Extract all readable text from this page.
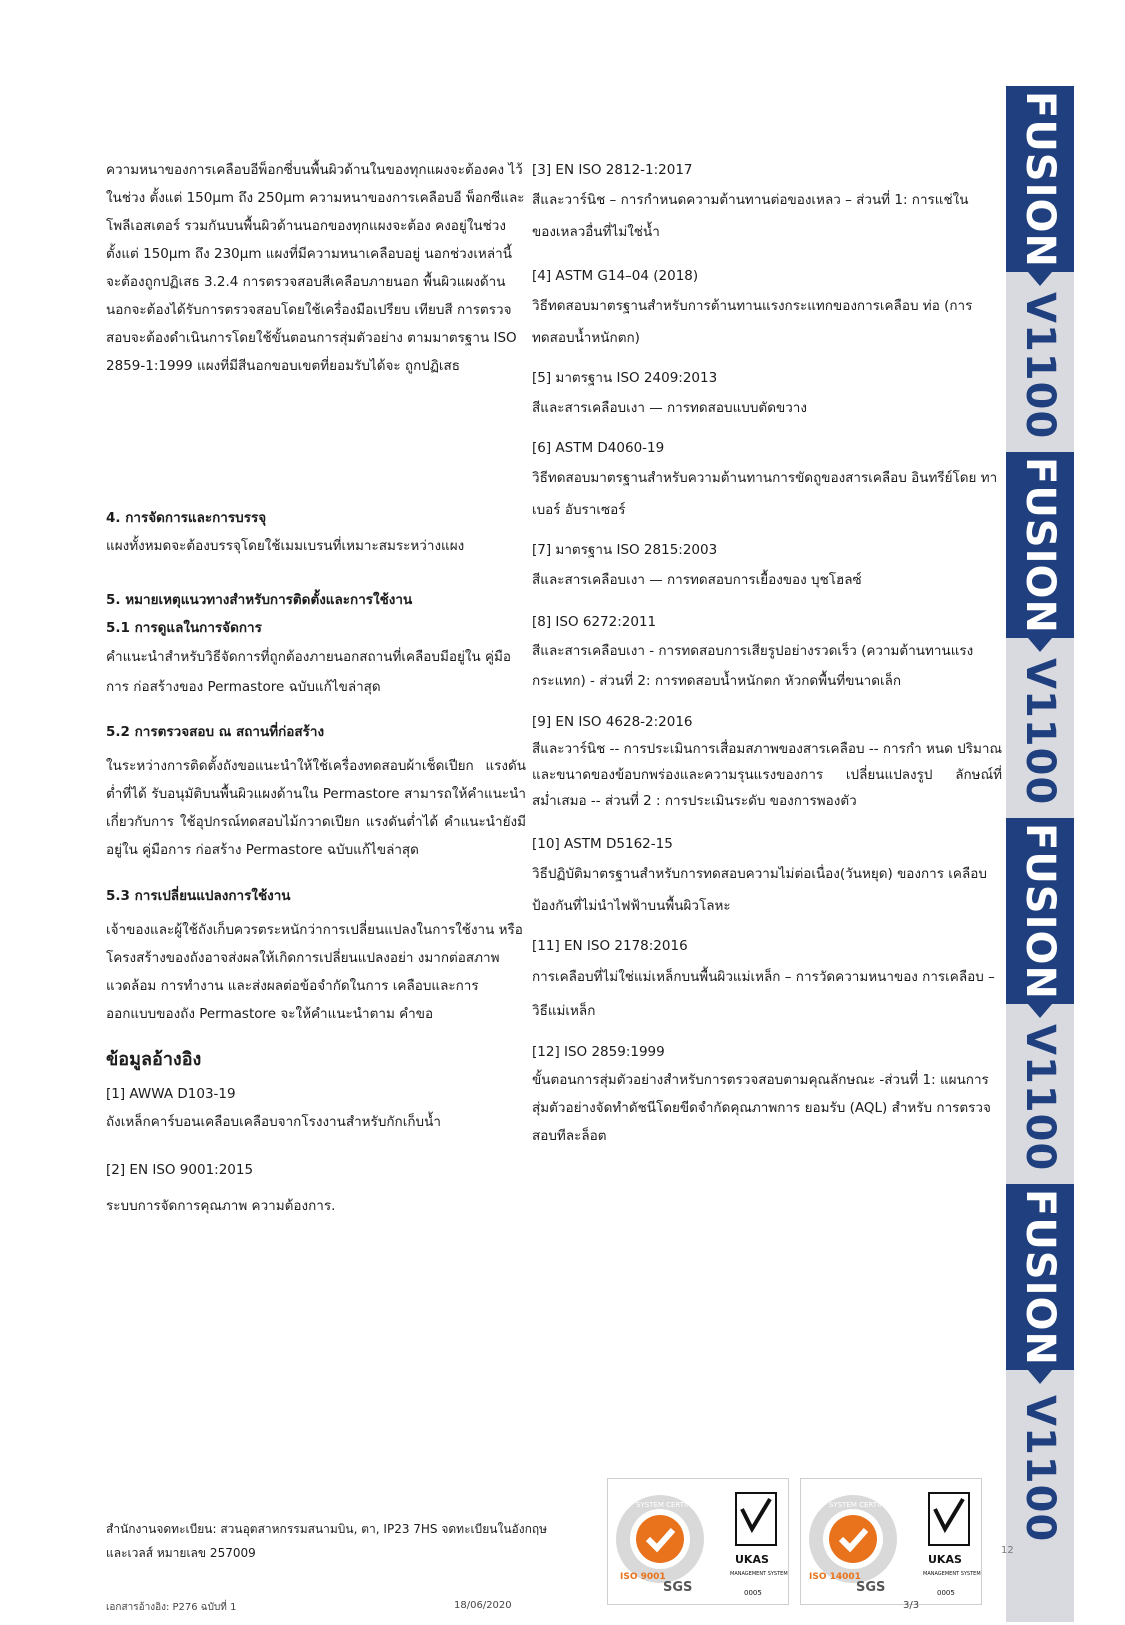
ความหนาของการเคลือบอีพ็อกซี่บนพื้นผิวด้านในของทุกแผงจะต้องคง ไว้ในช่วง ตั้งแต่ 150µm ถึง 250µm ความหนาของการเคลือบอี พ็อกซีและโพลีเอสเตอร์ รวมกันบนพื้นผิวด้านนอกของทุกแผงจะต้อง คงอยู่ในช่วงตั้งแต่ 150µm ถึง 230µm แผงที่มีความหนาเคลือบอยู่ นอกช่วงเหล่านี้จะต้องถูกปฏิเสธ 3.2.4 การตรวจสอบสีเคลือบภายนอก พื้นผิวแผงด้านนอกจะต้องได้รับการตรวจสอบโดยใช้เครื่องมือเปรียบ เทียบสี การตรวจสอบจะต้องดำเนินการโดยใช้ขั้นตอนการสุ่มตัวอย่าง ตามมาตรฐาน ISO 2859-1:1999 แผงที่มีสีนอกขอบเขตที่ยอมรับได้จะ ถูกปฏิเสธ

4. การจัดการและการบรรจุ

แผงทั้งหมดจะต้องบรรจุโดยใช้เมมเบรนที่เหมาะสมระหว่างแผง

5. หมายเหตุแนวทางสำหรับการติดตั้งและการใช้งาน

5.1 การดูแลในการจัดการ

คำแนะนำสำหรับวิธีจัดการที่ถูกต้องภายนอกสถานที่เคลือบมีอยู่ใน คู่มือการ ก่อสร้างของ Permastore ฉบับแก้ไขล่าสุด

5.2 การตรวจสอบ ณ สถานที่ก่อสร้าง

ในระหว่างการติดตั้งถังขอแนะนำให้ใช้เครื่องทดสอบผ้าเช็ดเปียก แรงดันต่ำที่ได้ รับอนุมัติบนพื้นผิวแผงด้านใน Permastore สามารถให้คำแนะนำเกี่ยวกับการ ใช้อุปกรณ์ทดสอบไม้กวาดเปียก แรงดันต่ำได้ คำแนะนำยังมีอยู่ใน คู่มือการ ก่อสร้าง Permastore ฉบับแก้ไขล่าสุด

5.3 การเปลี่ยนแปลงการใช้งาน

เจ้าของและผู้ใช้ถังเก็บควรตระหนักว่าการเปลี่ยนแปลงในการใช้งาน หรือ โครงสร้างของถังอาจส่งผลให้เกิดการเปลี่ยนแปลงอย่า งมากต่อสภาพแวดล้อม การทำงาน และส่งผลต่อข้อจำกัดในการ เคลือบและการออกแบบของถัง Permastore จะให้คำแนะนำตาม คำขอ

ข้อมูลอ้างอิง

[1] AWWA D103-19

ถังเหล็กคาร์บอนเคลือบเคลือบจากโรงงานสำหรับกักเก็บน้ำ

[2] EN ISO 9001:2015

ระบบการจัดการคุณภาพ ความต้องการ.

[3] EN ISO 2812-1:2017

สีและวาร์นิช – การกำหนดความต้านทานต่อของเหลว – ส่วนที่ 1: การแช่ในของเหลวอื่นที่ไม่ใช่น้ำ

[4] ASTM G14–04 (2018)

วิธีทดสอบมาตรฐานสำหรับการต้านทานแรงกระแทกของการเคลือบ ท่อ (การ ทดสอบน้ำหนักตก)

[5] มาตรฐาน ISO 2409:2013

สีและสารเคลือบเงา — การทดสอบแบบตัดขวาง

[6] ASTM D4060-19

วิธีทดสอบมาตรฐานสำหรับความต้านทานการขัดถูของสารเคลือบ อินทรีย์โดย ทาเบอร์ อับราเซอร์

[7] มาตรฐาน ISO 2815:2003

สีและสารเคลือบเงา — การทดสอบการเยื้องของ บุชโฮลซ์

[8] ISO 6272:2011

สีและสารเคลือบเงา - การทดสอบการเสียรูปอย่างรวดเร็ว (ความต้านทานแรง กระแทก) - ส่วนที่ 2: การทดสอบน้ำหนักตก หัวกดพื้นที่ขนาดเล็ก

[9] EN ISO 4628-2:2016

สีและวาร์นิช -- การประเมินการเสื่อมสภาพของสารเคลือบ -- การกำ หนด ปริมาณและขนาดของข้อบกพร่องและความรุนแรงของการ เปลี่ยนแปลงรูป ลักษณ์ที่สม่ำเสมอ -- ส่วนที่ 2 : การประเมินระดับ ของการพองตัว

[10] ASTM D5162-15

วิธีปฏิบัติมาตรฐานสำหรับการทดสอบความไม่ต่อเนื่อง(วันหยุด) ของการ เคลือบป้องกันที่ไม่นำไฟฟ้าบนพื้นผิวโลหะ

[11] EN ISO 2178:2016

การเคลือบที่ไม่ใช่แม่เหล็กบนพื้นผิวแม่เหล็ก – การวัดความหนาของ การเคลือบ – วิธีแม่เหล็ก

[12] ISO 2859:1999

ขั้นตอนการสุ่มตัวอย่างสำหรับการตรวจสอบตามคุณลักษณะ -ส่วนที่ 1: แผนการสุ่มตัวอย่างจัดทำดัชนีโดยขีดจำกัดคุณภาพการ ยอมรับ (AQL) สำหรับ การตรวจสอบทีละล็อต

FUSION
V1100
FUSION
V1100
FUSION
V1100
FUSION
V1100
SYSTEM CERTIFICATION
ISO 9001
SGS
UKAS
MANAGEMENT SYSTEMS
0005
SYSTEM CERTIFICATION
ISO 14001
SGS
UKAS
MANAGEMENT SYSTEMS
0005
12
สำนักงานจดทะเบียน: สวนอุตสาหกรรมสนามบิน, ตา, IP23 7HS จดทะเบียนในอังกฤษ และเวลส์ หมายเลข 257009
เอกสารอ้างอิง: P276 ฉบับที่ 1	18/06/2020	3/3
